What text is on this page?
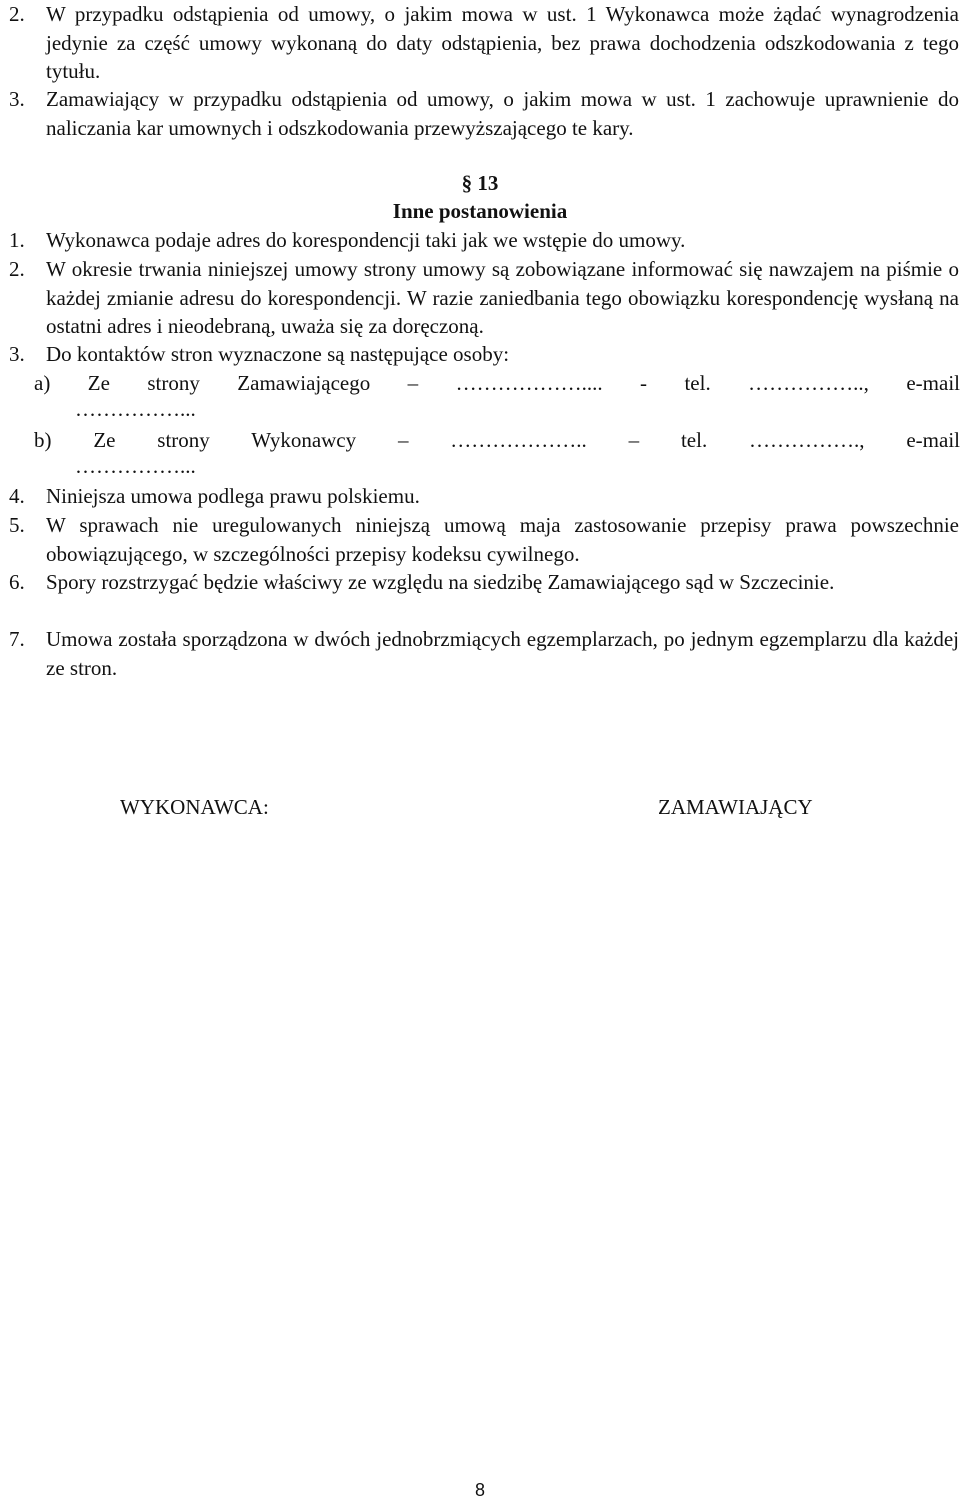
2. W przypadku odstąpienia od umowy, o jakim mowa w ust. 1 Wykonawca może żądać wynagrodzenia jedynie za część umowy wykonaną do daty odstąpienia, bez prawa dochodzenia odszkodowania z tego tytułu.
3. Zamawiający w przypadku odstąpienia od umowy, o jakim mowa w ust. 1 zachowuje uprawnienie do naliczania kar umownych i odszkodowania przewyższającego te kary.
§ 13
Inne postanowienia
1. Wykonawca podaje adres do korespondencji taki jak we wstępie do umowy.
2. W okresie trwania niniejszej umowy strony umowy są zobowiązane informować się nawzajem na piśmie o każdej zmianie adresu do korespondencji. W razie zaniedbania tego obowiązku korespondencję wysłaną na ostatni adres i nieodebraną, uważa się za doręczoną.
3. Do kontaktów stron wyznaczone są następujące osoby:
a) Ze strony Zamawiającego – ……………….... - tel. …………….., e-mail
……………...
b) Ze strony Wykonawcy – ……………….. – tel. ……………., e-mail
……………...
4. Niniejsza umowa podlega prawu polskiemu.
5. W sprawach nie uregulowanych niniejszą umową maja zastosowanie przepisy prawa powszechnie obowiązującego, w szczególności przepisy kodeksu cywilnego.
6. Spory rozstrzygać będzie właściwy ze względu na siedzibę Zamawiającego sąd w Szczecinie.
7. Umowa została sporządzona w dwóch jednobrzmiących egzemplarzach, po jednym egzemplarzu dla każdej ze stron.
WYKONAWCA:	ZAMAWIAJĄCY
8
